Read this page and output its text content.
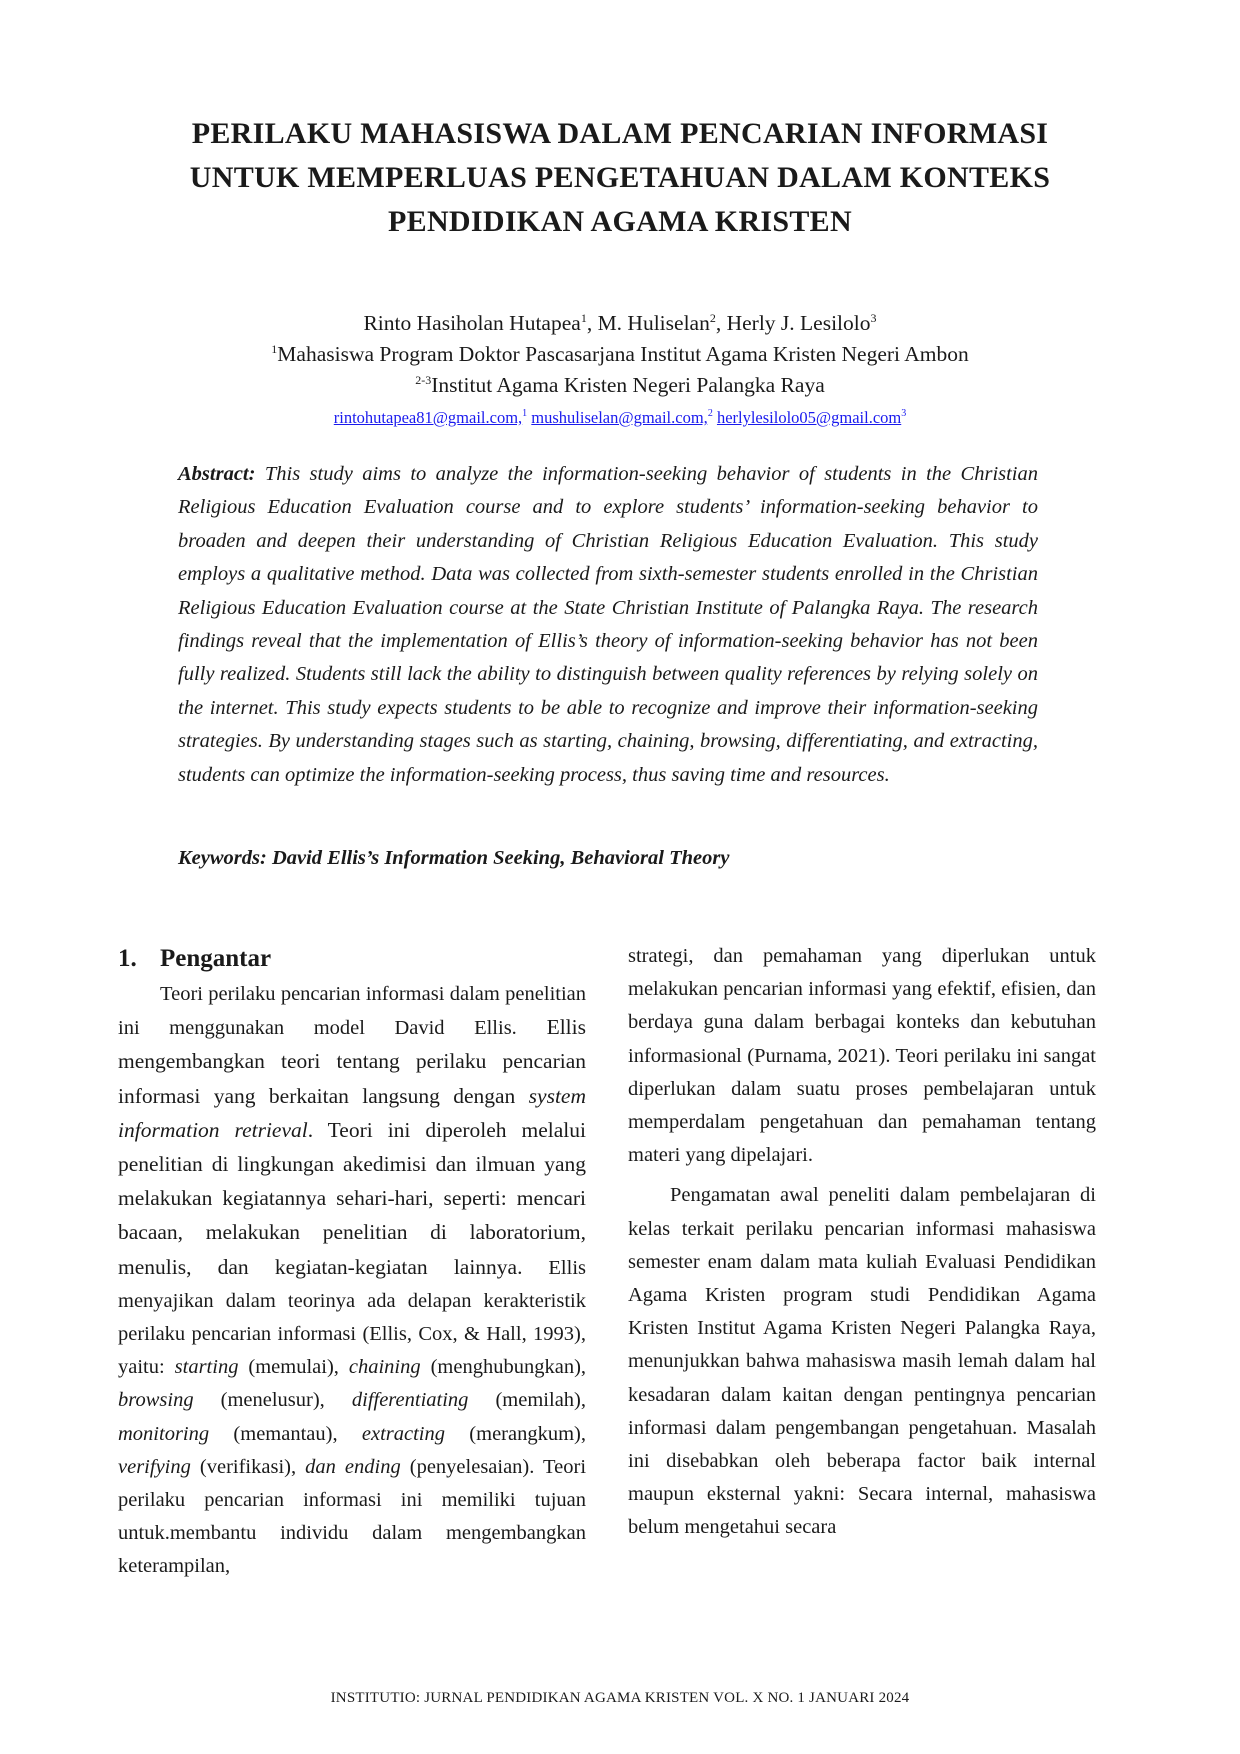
PERILAKU MAHASISWA DALAM PENCARIAN INFORMASI
UNTUK MEMPERLUAS PENGETAHUAN DALAM KONTEKS
PENDIDIKAN AGAMA KRISTEN
Rinto Hasiholan Hutapea$^1$, M. Huliselan$^2$, Herly J. Lesilolo$^3$
$^1$Mahasiswa Program Doktor Pascasarjana Institut Agama Kristen Negeri Ambon
$^{2-3}$Institut Agama Kristen Negeri Palangka Raya
rintohutapea81@gmail.com,$^1$ mushuliselan@gmail.com,$^2$ herlylesilolo05@gmail.com$^3$
Abstract: This study aims to analyze the information-seeking behavior of students in the Christian Religious Education Evaluation course and to explore students’ information-seeking behavior to broaden and deepen their understanding of Christian Religious Education Evaluation. This study employs a qualitative method. Data was collected from sixth-semester students enrolled in the Christian Religious Education Evaluation course at the State Christian Institute of Palangka Raya. The research findings reveal that the implementation of Ellis’s theory of information-seeking behavior has not been fully realized. Students still lack the ability to distinguish between quality references by relying solely on the internet. This study expects students to be able to recognize and improve their information-seeking strategies. By understanding stages such as starting, chaining, browsing, differentiating, and extracting, students can optimize the information-seeking process, thus saving time and resources.
Keywords: David Ellis’s Information Seeking, Behavioral Theory
1. Pengantar

Teori perilaku pencarian informasi dalam penelitian ini menggunakan model David Ellis. Ellis mengembangkan teori tentang perilaku pencarian informasi yang berkaitan langsung dengan system information retrieval. Teori ini diperoleh melalui penelitian di lingkungan akedimisi dan ilmuan yang melakukan kegiatannya sehari-hari, seperti: mencari bacaan, melakukan penelitian di laboratorium, menulis, dan kegiatan-kegiatan lainnya. Ellis menyajikan dalam teorinya ada delapan kerakteristik perilaku pencarian informasi (Ellis, Cox, & Hall, 1993), yaitu: starting (memulai), chaining (menghubungkan), browsing (menelusur), differentiating (memilah), monitoring (memantau), extracting (merangkum), verifying (verifikasi), dan ending (penyelesaian). Teori perilaku pencarian informasi ini memiliki tujuan untuk.membantu individu dalam mengembangkan keterampilan,

strategi, dan pemahaman yang diperlukan untuk melakukan pencarian informasi yang efektif, efisien, dan berdaya guna dalam berbagai konteks dan kebutuhan informasional (Purnama, 2021). Teori perilaku ini sangat diperlukan dalam suatu proses pembelajaran untuk memperdalam pengetahuan dan pemahaman tentang materi yang dipelajari.

Pengamatan awal peneliti dalam pembelajaran di kelas terkait perilaku pencarian informasi mahasiswa semester enam dalam mata kuliah Evaluasi Pendidikan Agama Kristen program studi Pendidikan Agama Kristen Institut Agama Kristen Negeri Palangka Raya, menunjukkan bahwa mahasiswa masih lemah dalam hal kesadaran dalam kaitan dengan pentingnya pencarian informasi dalam pengembangan pengetahuan. Masalah ini disebabkan oleh beberapa factor baik internal maupun eksternal yakni: Secara internal, mahasiswa belum mengetahui secara

INSTITUTIO: JURNAL PENDIDIKAN AGAMA KRISTEN VOL. X NO. 1 JANUARI 2024
